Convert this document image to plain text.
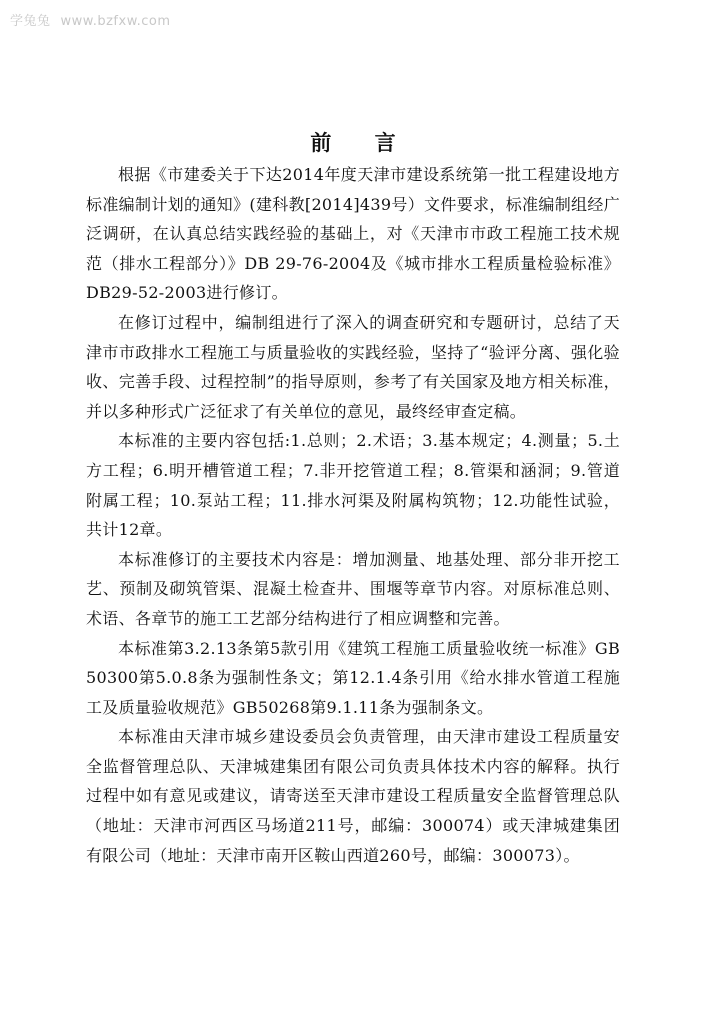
学兔兔 www.bzfxw.com
前 言

根据《市建委关于下达2014年度天津市建设系统第一批工程建设地方标准编制计划的通知》(建科教[2014]439号）文件要求，标准编制组经广泛调研，在认真总结实践经验的基础上，对《天津市市政工程施工技术规范（排水工程部分）》DB 29-76-2004及《城市排水工程质量检验标准》DB29-52-2003进行修订。

在修订过程中，编制组进行了深入的调查研究和专题研讨，总结了天津市市政排水工程施工与质量验收的实践经验，坚持了“验评分离、强化验收、完善手段、过程控制”的指导原则，参考了有关国家及地方相关标准，并以多种形式广泛征求了有关单位的意见，最终经审查定稿。

本标准的主要内容包括:1.总则；2.术语；3.基本规定；4.测量；5.土方工程；6.明开槽管道工程；7.非开挖管道工程；8.管渠和涵洞；9.管道附属工程；10.泵站工程；11.排水河渠及附属构筑物；12.功能性试验，共计12章。

本标准修订的主要技术内容是：增加测量、地基处理、部分非开挖工艺、预制及砌筑管渠、混凝土检查井、围堰等章节内容。对原标准总则、术语、各章节的施工工艺部分结构进行了相应调整和完善。

本标准第3.2.13条第5款引用《建筑工程施工质量验收统一标准》GB 50300第5.0.8条为强制性条文；第12.1.4条引用《给水排水管道工程施工及质量验收规范》GB50268第9.1.11条为强制条文。

本标准由天津市城乡建设委员会负责管理，由天津市建设工程质量安全监督管理总队、天津城建集团有限公司负责具体技术内容的解释。执行过程中如有意见或建议，请寄送至天津市建设工程质量安全监督管理总队（地址：天津市河西区马场道211号，邮编：300074）或天津城建集团有限公司（地址：天津市南开区鞍山西道260号，邮编：300073）。
